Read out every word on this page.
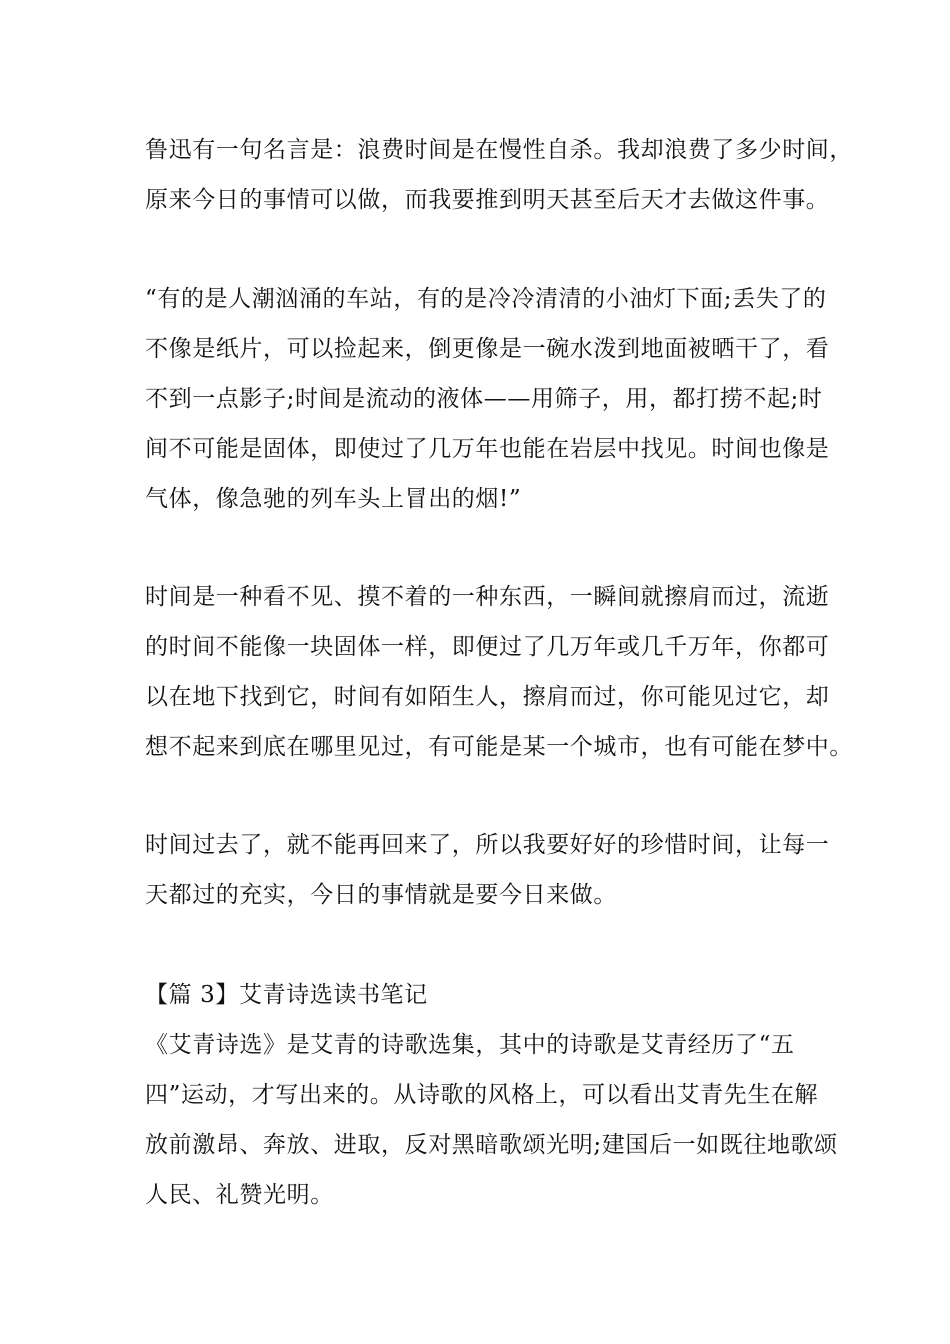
鲁迅有一句名言是：浪费时间是在慢性自杀。我却浪费了多少时间，
原来今日的事情可以做，而我要推到明天甚至后天才去做这件事。

“有的是人潮汹涌的车站，有的是冷冷清清的小油灯下面;丢失了的
不像是纸片，可以捡起来，倒更像是一碗水泼到地面被晒干了，看
不到一点影子;时间是流动的液体——用筛子，用，都打捞不起;时
间不可能是固体，即使过了几万年也能在岩层中找见。时间也像是
气体，像急驰的列车头上冒出的烟!”

时间是一种看不见、摸不着的一种东西，一瞬间就擦肩而过，流逝
的时间不能像一块固体一样，即便过了几万年或几千万年，你都可
以在地下找到它，时间有如陌生人，擦肩而过，你可能见过它，却
想不起来到底在哪里见过，有可能是某一个城市，也有可能在梦中。

时间过去了，就不能再回来了，所以我要好好的珍惜时间，让每一
天都过的充实，今日的事情就是要今日来做。

【篇 3】艾青诗选读书笔记

《艾青诗选》是艾青的诗歌选集，其中的诗歌是艾青经历了“五
四”运动，才写出来的。从诗歌的风格上，可以看出艾青先生在解
放前激昂、奔放、进取，反对黑暗歌颂光明;建国后一如既往地歌颂
人民、礼赞光明。
